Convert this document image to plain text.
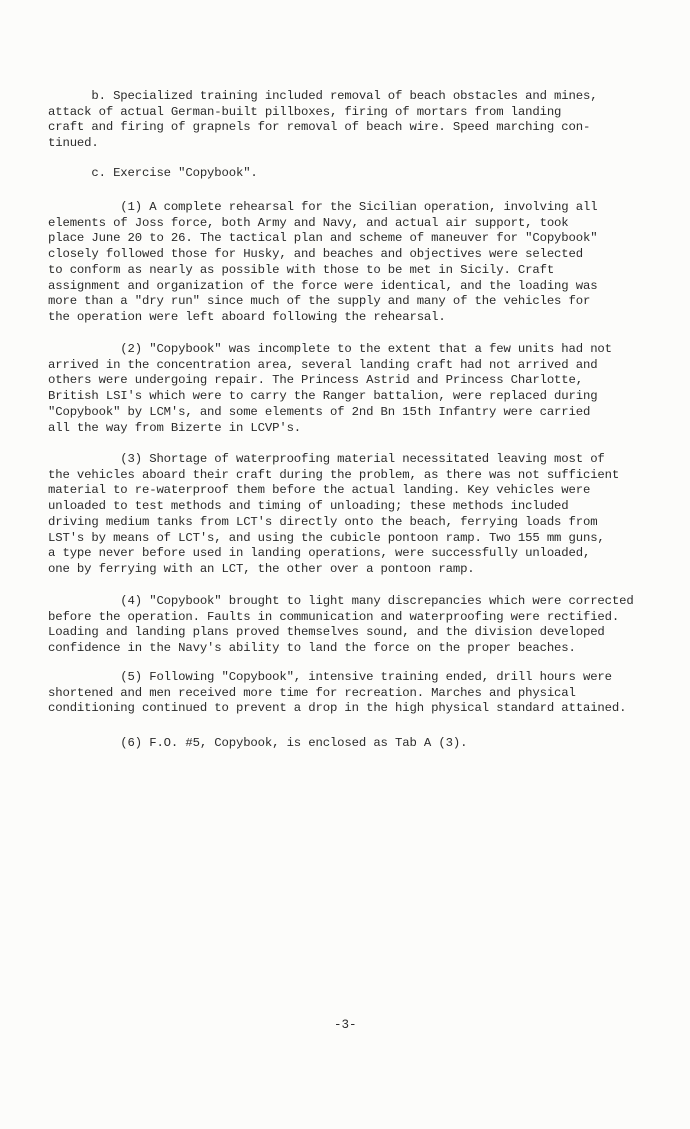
b. Specialized training included removal of beach obstacles and mines,
attack of actual German-built pillboxes, firing of mortars from landing
craft and firing of grapnels for removal of beach wire. Speed marching con-
tinued.
c. Exercise "Copybook".
(1) A complete rehearsal for the Sicilian operation, involving all
elements of Joss force, both Army and Navy, and actual air support, took
place June 20 to 26. The tactical plan and scheme of maneuver for "Copybook"
closely followed those for Husky, and beaches and objectives were selected
to conform as nearly as possible with those to be met in Sicily. Craft
assignment and organization of the force were identical, and the loading was
more than a "dry run" since much of the supply and many of the vehicles for
the operation were left aboard following the rehearsal.
(2) "Copybook" was incomplete to the extent that a few units had not
arrived in the concentration area, several landing craft had not arrived and
others were undergoing repair. The Princess Astrid and Princess Charlotte,
British LSI's which were to carry the Ranger battalion, were replaced during
"Copybook" by LCM's, and some elements of 2nd Bn 15th Infantry were carried
all the way from Bizerte in LCVP's.
(3) Shortage of waterproofing material necessitated leaving most of
the vehicles aboard their craft during the problem, as there was not sufficient
material to re-waterproof them before the actual landing. Key vehicles were
unloaded to test methods and timing of unloading; these methods included
driving medium tanks from LCT's directly onto the beach, ferrying loads from
LST's by means of LCT's, and using the cubicle pontoon ramp. Two 155 mm guns,
a type never before used in landing operations, were successfully unloaded,
one by ferrying with an LCT, the other over a pontoon ramp.
(4) "Copybook" brought to light many discrepancies which were corrected
before the operation. Faults in communication and waterproofing were rectified.
Loading and landing plans proved themselves sound, and the division developed
confidence in the Navy's ability to land the force on the proper beaches.
(5) Following "Copybook", intensive training ended, drill hours were
shortened and men received more time for recreation. Marches and physical
conditioning continued to prevent a drop in the high physical standard attained.
(6) F.O. #5, Copybook, is enclosed as Tab A (3).
-3-
